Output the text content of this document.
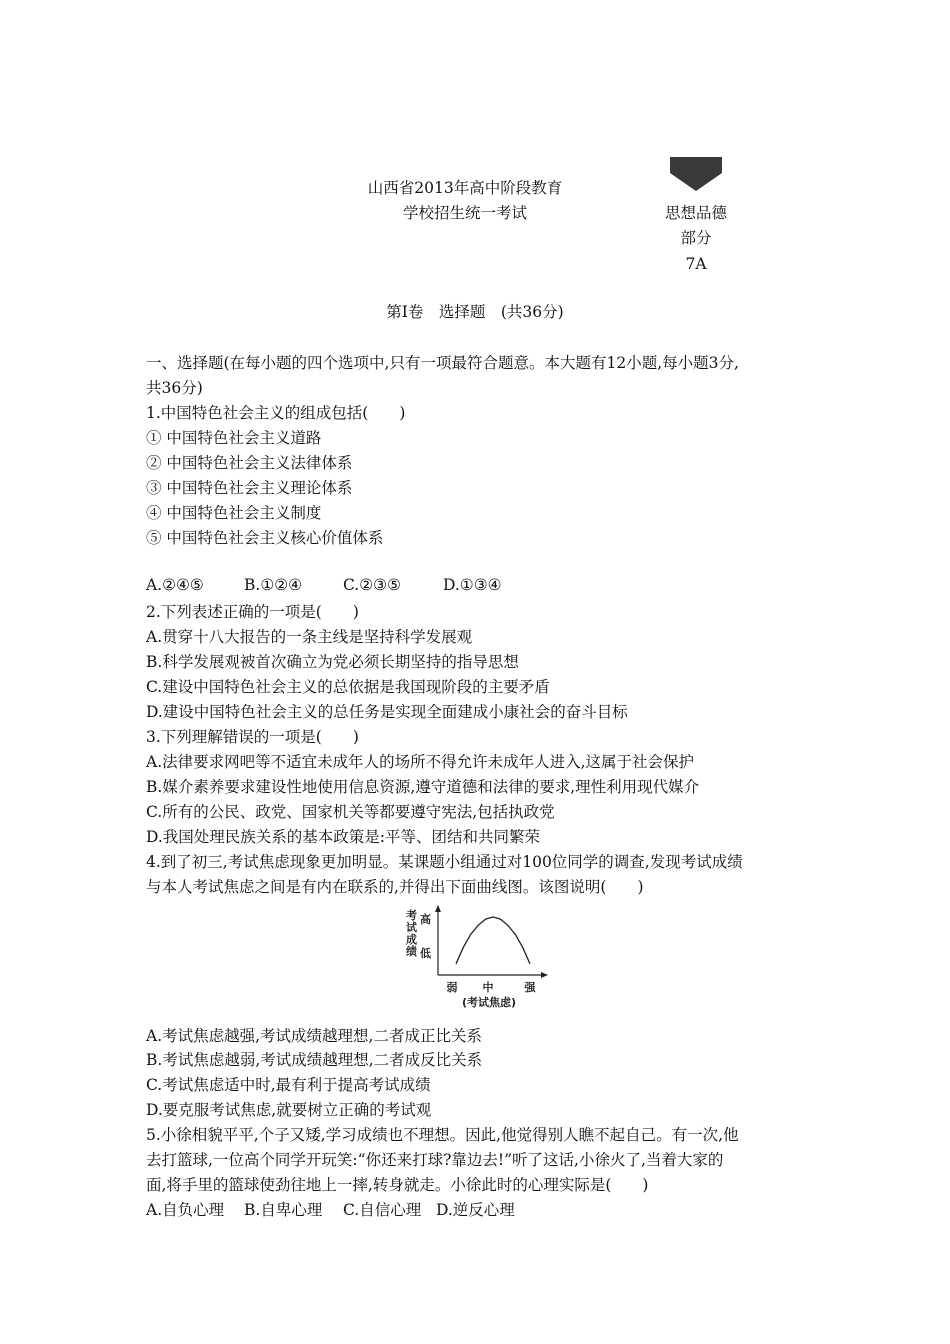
山西省2013年高中阶段教育
学校招生统一考试	思想品德
部分
7A
第Ⅰ卷　选择题　(共36分)
一、选择题(在每小题的四个选项中,只有一项最符合题意。本大题有12小题,每小题3分,
共36分)
1.中国特色社会主义的组成包括(　　)
① 中国特色社会主义道路
② 中国特色社会主义法律体系
③ 中国特色社会主义理论体系
④ 中国特色社会主义制度
⑤ 中国特色社会主义核心价值体系
A.②④⑤	B.①②④	C.②③⑤	D.①③④
2.下列表述正确的一项是(　　)
A.贯穿十八大报告的一条主线是坚持科学发展观
B.科学发展观被首次确立为党必须长期坚持的指导思想
C.建设中国特色社会主义的总依据是我国现阶段的主要矛盾
D.建设中国特色社会主义的总任务是实现全面建成小康社会的奋斗目标
3.下列理解错误的一项是(　　)
A.法律要求网吧等不适宜未成年人的场所不得允许未成年人进入,这属于社会保护
B.媒介素养要求建设性地使用信息资源,遵守道德和法律的要求,理性利用现代媒介
C.所有的公民、政党、国家机关等都要遵守宪法,包括执政党
D.我国处理民族关系的基本政策是:平等、团结和共同繁荣
4.到了初三,考试焦虑现象更加明显。某课题小组通过对100位同学的调查,发现考试成绩
与本人考试焦虑之间是有内在联系的,并得出下面曲线图。该图说明(　　)
考
试
成
绩
高
低
弱 中	强
(考试焦虑)
A.考试焦虑越强,考试成绩越理想,二者成正比关系
B.考试焦虑越弱,考试成绩越理想,二者成反比关系
C.考试焦虑适中时,最有利于提高考试成绩
D.要克服考试焦虑,就要树立正确的考试观
5.小徐相貌平平,个子又矮,学习成绩也不理想。因此,他觉得别人瞧不起自己。有一次,他
去打篮球,一位高个同学开玩笑:“你还来打球?靠边去!”听了这话,小徐火了,当着大家的
面,将手里的篮球使劲往地上一摔,转身就走。小徐此时的心理实际是(　　)
A.自负心理 B.自卑心理 C.自信心理 D.逆反心理
